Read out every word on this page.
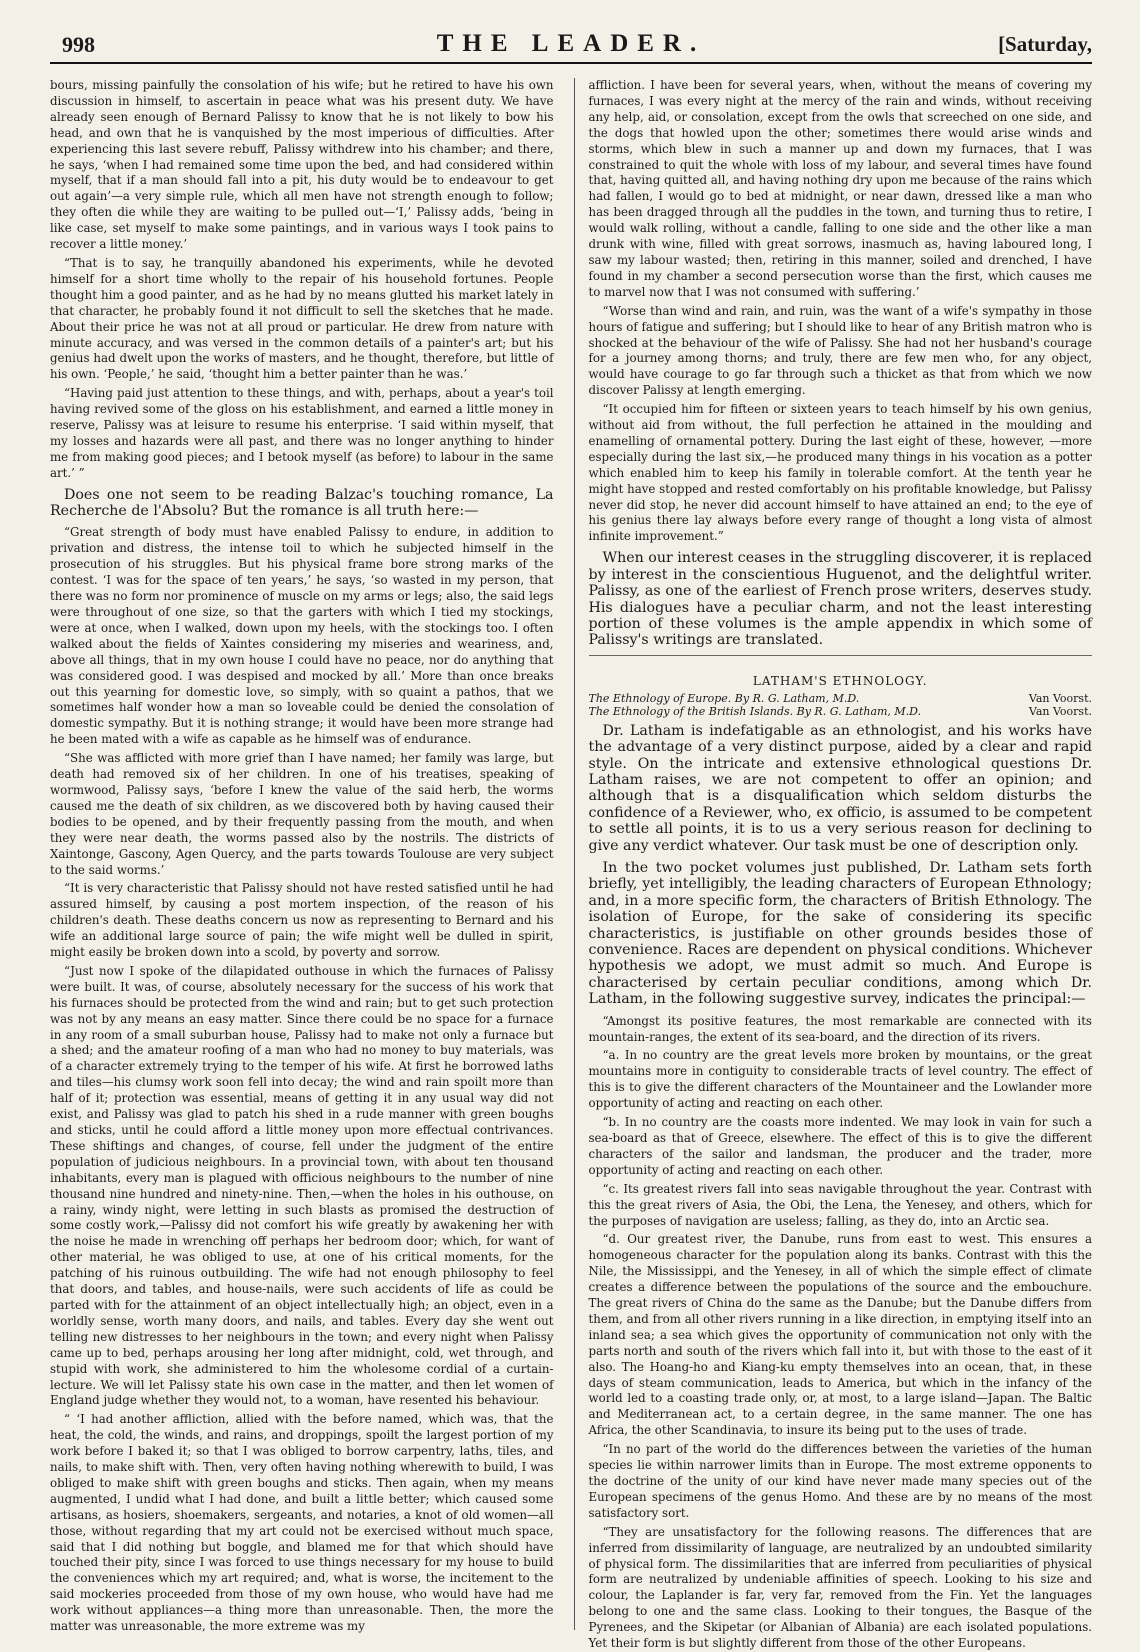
998	THE LEADER.	[Saturday,

bours, missing painfully the consolation of his wife; but he retired to have his own discussion in himself, to ascertain in peace what was his present duty. We have already seen enough of Bernard Palissy to know that he is not likely to bow his head, and own that he is vanquished by the most imperious of difficulties. After experiencing this last severe rebuff, Palissy withdrew into his chamber; and there, he says, ‘when I had remained some time upon the bed, and had considered within myself, that if a man should fall into a pit, his duty would be to endeavour to get out again’—a very simple rule, which all men have not strength enough to follow; they often die while they are waiting to be pulled out—‘I,’ Palissy adds, ‘being in like case, set myself to make some paintings, and in various ways I took pains to recover a little money.’

“That is to say, he tranquilly abandoned his experiments, while he devoted himself for a short time wholly to the repair of his household fortunes. People thought him a good painter, and as he had by no means glutted his market lately in that character, he probably found it not difficult to sell the sketches that he made. About their price he was not at all proud or particular. He drew from nature with minute accuracy, and was versed in the common details of a painter's art; but his genius had dwelt upon the works of masters, and he thought, therefore, but little of his own. ‘People,’ he said, ‘thought him a better painter than he was.’

“Having paid just attention to these things, and with, perhaps, about a year's toil having revived some of the gloss on his establishment, and earned a little money in reserve, Palissy was at leisure to resume his enterprise. ‘I said within myself, that my losses and hazards were all past, and there was no longer anything to hinder me from making good pieces; and I betook myself (as before) to labour in the same art.’ ”

Does one not seem to be reading Balzac's touching romance, La Recherche de l'Absolu? But the romance is all truth here:—

“Great strength of body must have enabled Palissy to endure, in addition to privation and distress, the intense toil to which he subjected himself in the prosecution of his struggles. But his physical frame bore strong marks of the contest. ‘I was for the space of ten years,’ he says, ‘so wasted in my person, that there was no form nor prominence of muscle on my arms or legs; also, the said legs were throughout of one size, so that the garters with which I tied my stockings, were at once, when I walked, down upon my heels, with the stockings too. I often walked about the fields of Xaintes considering my miseries and weariness, and, above all things, that in my own house I could have no peace, nor do anything that was considered good. I was despised and mocked by all.’ More than once breaks out this yearning for domestic love, so simply, with so quaint a pathos, that we sometimes half wonder how a man so loveable could be denied the consolation of domestic sympathy. But it is nothing strange; it would have been more strange had he been mated with a wife as capable as he himself was of endurance.

“She was afflicted with more grief than I have named; her family was large, but death had removed six of her children. In one of his treatises, speaking of wormwood, Palissy says, ‘before I knew the value of the said herb, the worms caused me the death of six children, as we discovered both by having caused their bodies to be opened, and by their frequently passing from the mouth, and when they were near death, the worms passed also by the nostrils. The districts of Xaintonge, Gascony, Agen Quercy, and the parts towards Toulouse are very subject to the said worms.’

“It is very characteristic that Palissy should not have rested satisfied until he had assured himself, by causing a post mortem inspection, of the reason of his children's death. These deaths concern us now as representing to Bernard and his wife an additional large source of pain; the wife might well be dulled in spirit, might easily be broken down into a scold, by poverty and sorrow.

“Just now I spoke of the dilapidated outhouse in which the furnaces of Palissy were built. It was, of course, absolutely necessary for the success of his work that his furnaces should be protected from the wind and rain; but to get such protection was not by any means an easy matter. Since there could be no space for a furnace in any room of a small suburban house, Palissy had to make not only a furnace but a shed; and the amateur roofing of a man who had no money to buy materials, was of a character extremely trying to the temper of his wife. At first he borrowed laths and tiles—his clumsy work soon fell into decay; the wind and rain spoilt more than half of it; protection was essential, means of getting it in any usual way did not exist, and Palissy was glad to patch his shed in a rude manner with green boughs and sticks, until he could afford a little money upon more effectual contrivances. These shiftings and changes, of course, fell under the judgment of the entire population of judicious neighbours. In a provincial town, with about ten thousand inhabitants, every man is plagued with officious neighbours to the number of nine thousand nine hundred and ninety-nine. Then,—when the holes in his outhouse, on a rainy, windy night, were letting in such blasts as promised the destruction of some costly work,—Palissy did not comfort his wife greatly by awakening her with the noise he made in wrenching off perhaps her bedroom door; which, for want of other material, he was obliged to use, at one of his critical moments, for the patching of his ruinous outbuilding. The wife had not enough philosophy to feel that doors, and tables, and house-nails, were such accidents of life as could be parted with for the attainment of an object intellectually high; an object, even in a worldly sense, worth many doors, and nails, and tables. Every day she went out telling new distresses to her neighbours in the town; and every night when Palissy came up to bed, perhaps arousing her long after midnight, cold, wet through, and stupid with work, she administered to him the wholesome cordial of a curtain-lecture. We will let Palissy state his own case in the matter, and then let women of England judge whether they would not, to a woman, have resented his behaviour.

“ ‘I had another affliction, allied with the before named, which was, that the heat, the cold, the winds, and rains, and droppings, spoilt the largest portion of my work before I baked it; so that I was obliged to borrow carpentry, laths, tiles, and nails, to make shift with. Then, very often having nothing wherewith to build, I was obliged to make shift with green boughs and sticks. Then again, when my means augmented, I undid what I had done, and built a little better; which caused some artisans, as hosiers, shoemakers, sergeants, and notaries, a knot of old women—all those, without regarding that my art could not be exercised without much space, said that I did nothing but boggle, and blamed me for that which should have touched their pity, since I was forced to use things necessary for my house to build the conveniences which my art required; and, what is worse, the incitement to the said mockeries proceeded from those of my own house, who would have had me work without appliances—a thing more than unreasonable. Then, the more the matter was unreasonable, the more extreme was my

affliction. I have been for several years, when, without the means of covering my furnaces, I was every night at the mercy of the rain and winds, without receiving any help, aid, or consolation, except from the owls that screeched on one side, and the dogs that howled upon the other; sometimes there would arise winds and storms, which blew in such a manner up and down my furnaces, that I was constrained to quit the whole with loss of my labour, and several times have found that, having quitted all, and having nothing dry upon me because of the rains which had fallen, I would go to bed at midnight, or near dawn, dressed like a man who has been dragged through all the puddles in the town, and turning thus to retire, I would walk rolling, without a candle, falling to one side and the other like a man drunk with wine, filled with great sorrows, inasmuch as, having laboured long, I saw my labour wasted; then, retiring in this manner, soiled and drenched, I have found in my chamber a second persecution worse than the first, which causes me to marvel now that I was not consumed with suffering.’

“Worse than wind and rain, and ruin, was the want of a wife's sympathy in those hours of fatigue and suffering; but I should like to hear of any British matron who is shocked at the behaviour of the wife of Palissy. She had not her husband's courage for a journey among thorns; and truly, there are few men who, for any object, would have courage to go far through such a thicket as that from which we now discover Palissy at length emerging.

“It occupied him for fifteen or sixteen years to teach himself by his own genius, without aid from without, the full perfection he attained in the moulding and enamelling of ornamental pottery. During the last eight of these, however, —more especially during the last six,—he produced many things in his vocation as a potter which enabled him to keep his family in tolerable comfort. At the tenth year he might have stopped and rested comfortably on his profitable knowledge, but Palissy never did stop, he never did account himself to have attained an end; to the eye of his genius there lay always before every range of thought a long vista of almost infinite improvement.”

When our interest ceases in the struggling discoverer, it is replaced by interest in the conscientious Huguenot, and the delightful writer. Palissy, as one of the earliest of French prose writers, deserves study. His dialogues have a peculiar charm, and not the least interesting portion of these volumes is the ample appendix in which some of Palissy's writings are translated.

LATHAM'S ETHNOLOGY.
The Ethnology of Europe. By R. G. Latham, M.D.	Van Voorst.
The Ethnology of the British Islands. By R. G. Latham, M.D.	Van Voorst.

Dr. Latham is indefatigable as an ethnologist, and his works have the advantage of a very distinct purpose, aided by a clear and rapid style. On the intricate and extensive ethnological questions Dr. Latham raises, we are not competent to offer an opinion; and although that is a disqualification which seldom disturbs the confidence of a Reviewer, who, ex officio, is assumed to be competent to settle all points, it is to us a very serious reason for declining to give any verdict whatever. Our task must be one of description only.

In the two pocket volumes just published, Dr. Latham sets forth briefly, yet intelligibly, the leading characters of European Ethnology; and, in a more specific form, the characters of British Ethnology. The isolation of Europe, for the sake of considering its specific characteristics, is justifiable on other grounds besides those of convenience. Races are dependent on physical conditions. Whichever hypothesis we adopt, we must admit so much. And Europe is characterised by certain peculiar conditions, among which Dr. Latham, in the following suggestive survey, indicates the principal:—

“Amongst its positive features, the most remarkable are connected with its mountain-ranges, the extent of its sea-board, and the direction of its rivers.

“a. In no country are the great levels more broken by mountains, or the great mountains more in contiguity to considerable tracts of level country. The effect of this is to give the different characters of the Mountaineer and the Lowlander more opportunity of acting and reacting on each other.

“b. In no country are the coasts more indented. We may look in vain for such a sea-board as that of Greece, elsewhere. The effect of this is to give the different characters of the sailor and landsman, the producer and the trader, more opportunity of acting and reacting on each other.

“c. Its greatest rivers fall into seas navigable throughout the year. Contrast with this the great rivers of Asia, the Obi, the Lena, the Yenesey, and others, which for the purposes of navigation are useless; falling, as they do, into an Arctic sea.

“d. Our greatest river, the Danube, runs from east to west. This ensures a homogeneous character for the population along its banks. Contrast with this the Nile, the Mississippi, and the Yenesey, in all of which the simple effect of climate creates a difference between the populations of the source and the embouchure. The great rivers of China do the same as the Danube; but the Danube differs from them, and from all other rivers running in a like direction, in emptying itself into an inland sea; a sea which gives the opportunity of communication not only with the parts north and south of the rivers which fall into it, but with those to the east of it also. The Hoang-ho and Kiang-ku empty themselves into an ocean, that, in these days of steam communication, leads to America, but which in the infancy of the world led to a coasting trade only, or, at most, to a large island—Japan. The Baltic and Mediterranean act, to a certain degree, in the same manner. The one has Africa, the other Scandinavia, to insure its being put to the uses of trade.

“In no part of the world do the differences between the varieties of the human species lie within narrower limits than in Europe. The most extreme opponents to the doctrine of the unity of our kind have never made many species out of the European specimens of the genus Homo. And these are by no means of the most satisfactory sort.

“They are unsatisfactory for the following reasons. The differences that are inferred from dissimilarity of language, are neutralized by an undoubted similarity of physical form. The dissimilarities that are inferred from peculiarities of physical form are neutralized by undeniable affinities of speech. Looking to his size and colour, the Laplander is far, very far, removed from the Fin. Yet the languages belong to one and the same class. Looking to their tongues, the Basque of the Pyrenees, and the Skipetar (or Albanian of Albania) are each isolated populations. Yet their form is but slightly different from those of the other Europeans.
